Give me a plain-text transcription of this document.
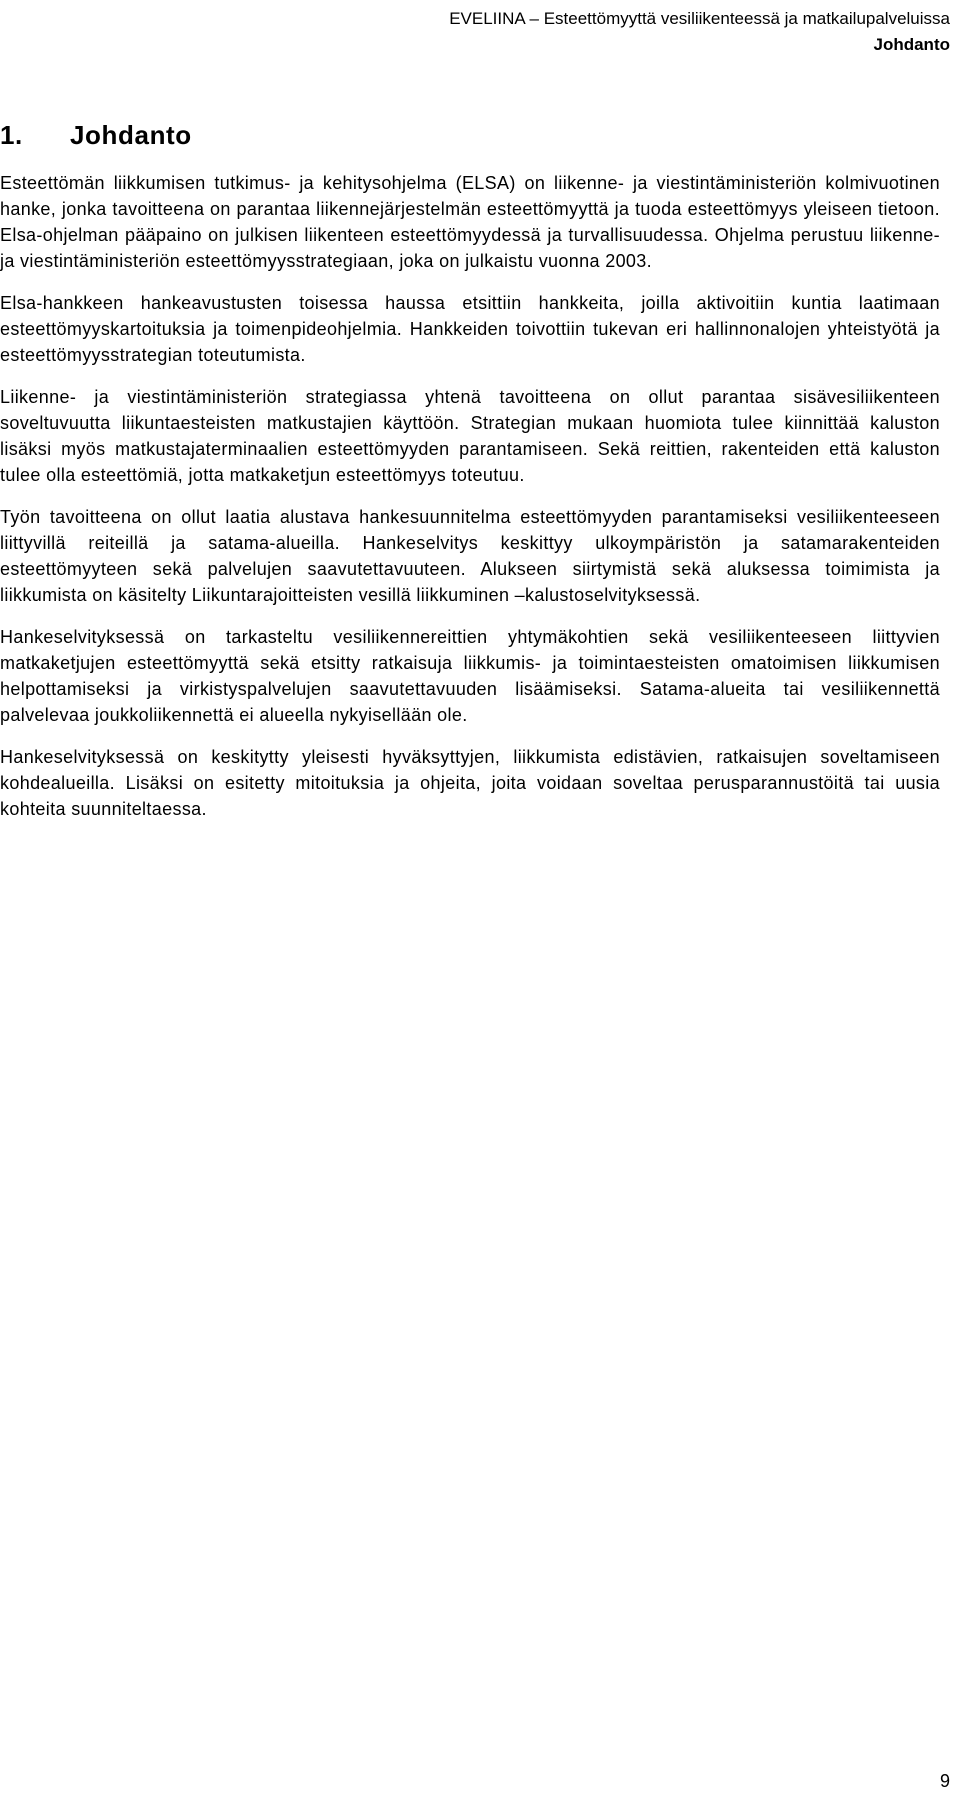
EVELIINA – Esteettömyyttä vesiliikenteessä ja matkailupalveluissa
Johdanto
1. Johdanto

Esteettömän liikkumisen tutkimus- ja kehitysohjelma (ELSA) on liikenne- ja viestintäministeriön kolmivuotinen hanke, jonka tavoitteena on parantaa liikennejärjestelmän esteettömyyttä ja tuoda esteettömyys yleiseen tietoon. Elsa-ohjelman pääpaino on julkisen liikenteen esteettömyydessä ja turvallisuudessa. Ohjelma perustuu liikenne- ja viestintäministeriön esteettömyysstrategiaan, joka on julkaistu vuonna 2003.

Elsa-hankkeen hankeavustusten toisessa haussa etsittiin hankkeita, joilla aktivoitiin kuntia laatimaan esteettömyyskartoituksia ja toimenpideohjelmia. Hankkeiden toivottiin tukevan eri hallinnonalojen yhteistyötä ja esteettömyysstrategian toteutumista.

Liikenne- ja viestintäministeriön strategiassa yhtenä tavoitteena on ollut parantaa sisävesiliikenteen soveltuvuutta liikuntaesteisten matkustajien käyttöön. Strategian mukaan huomiota tulee kiinnittää kaluston lisäksi myös matkustajaterminaalien esteettömyyden parantamiseen. Sekä reittien, rakenteiden että kaluston tulee olla esteettömiä, jotta matkaketjun esteettömyys toteutuu.

Työn tavoitteena on ollut laatia alustava hankesuunnitelma esteettömyyden parantamiseksi vesiliikenteeseen liittyvillä reiteillä ja satama-alueilla. Hankeselvitys keskittyy ulkoympäristön ja satamarakenteiden esteettömyyteen sekä palvelujen saavutettavuuteen. Alukseen siirtymistä sekä aluksessa toimimista ja liikkumista on käsitelty Liikuntarajoitteisten vesillä liikkuminen –kalustoselvityksessä.

Hankeselvityksessä on tarkasteltu vesiliikennereittien yhtymäkohtien sekä vesiliikenteeseen liittyvien matkaketjujen esteettömyyttä sekä etsitty ratkaisuja liikkumis- ja toimintaesteisten omatoimisen liikkumisen helpottamiseksi ja virkistyspalvelujen saavutettavuuden lisäämiseksi. Satama-alueita tai vesiliikennettä palvelevaa joukkoliikennettä ei alueella nykyisellään ole.

Hankeselvityksessä on keskitytty yleisesti hyväksyttyjen, liikkumista edistävien, ratkaisujen soveltamiseen kohdealueilla. Lisäksi on esitetty mitoituksia ja ohjeita, joita voidaan soveltaa perusparannustöitä tai uusia kohteita suunniteltaessa.

9
